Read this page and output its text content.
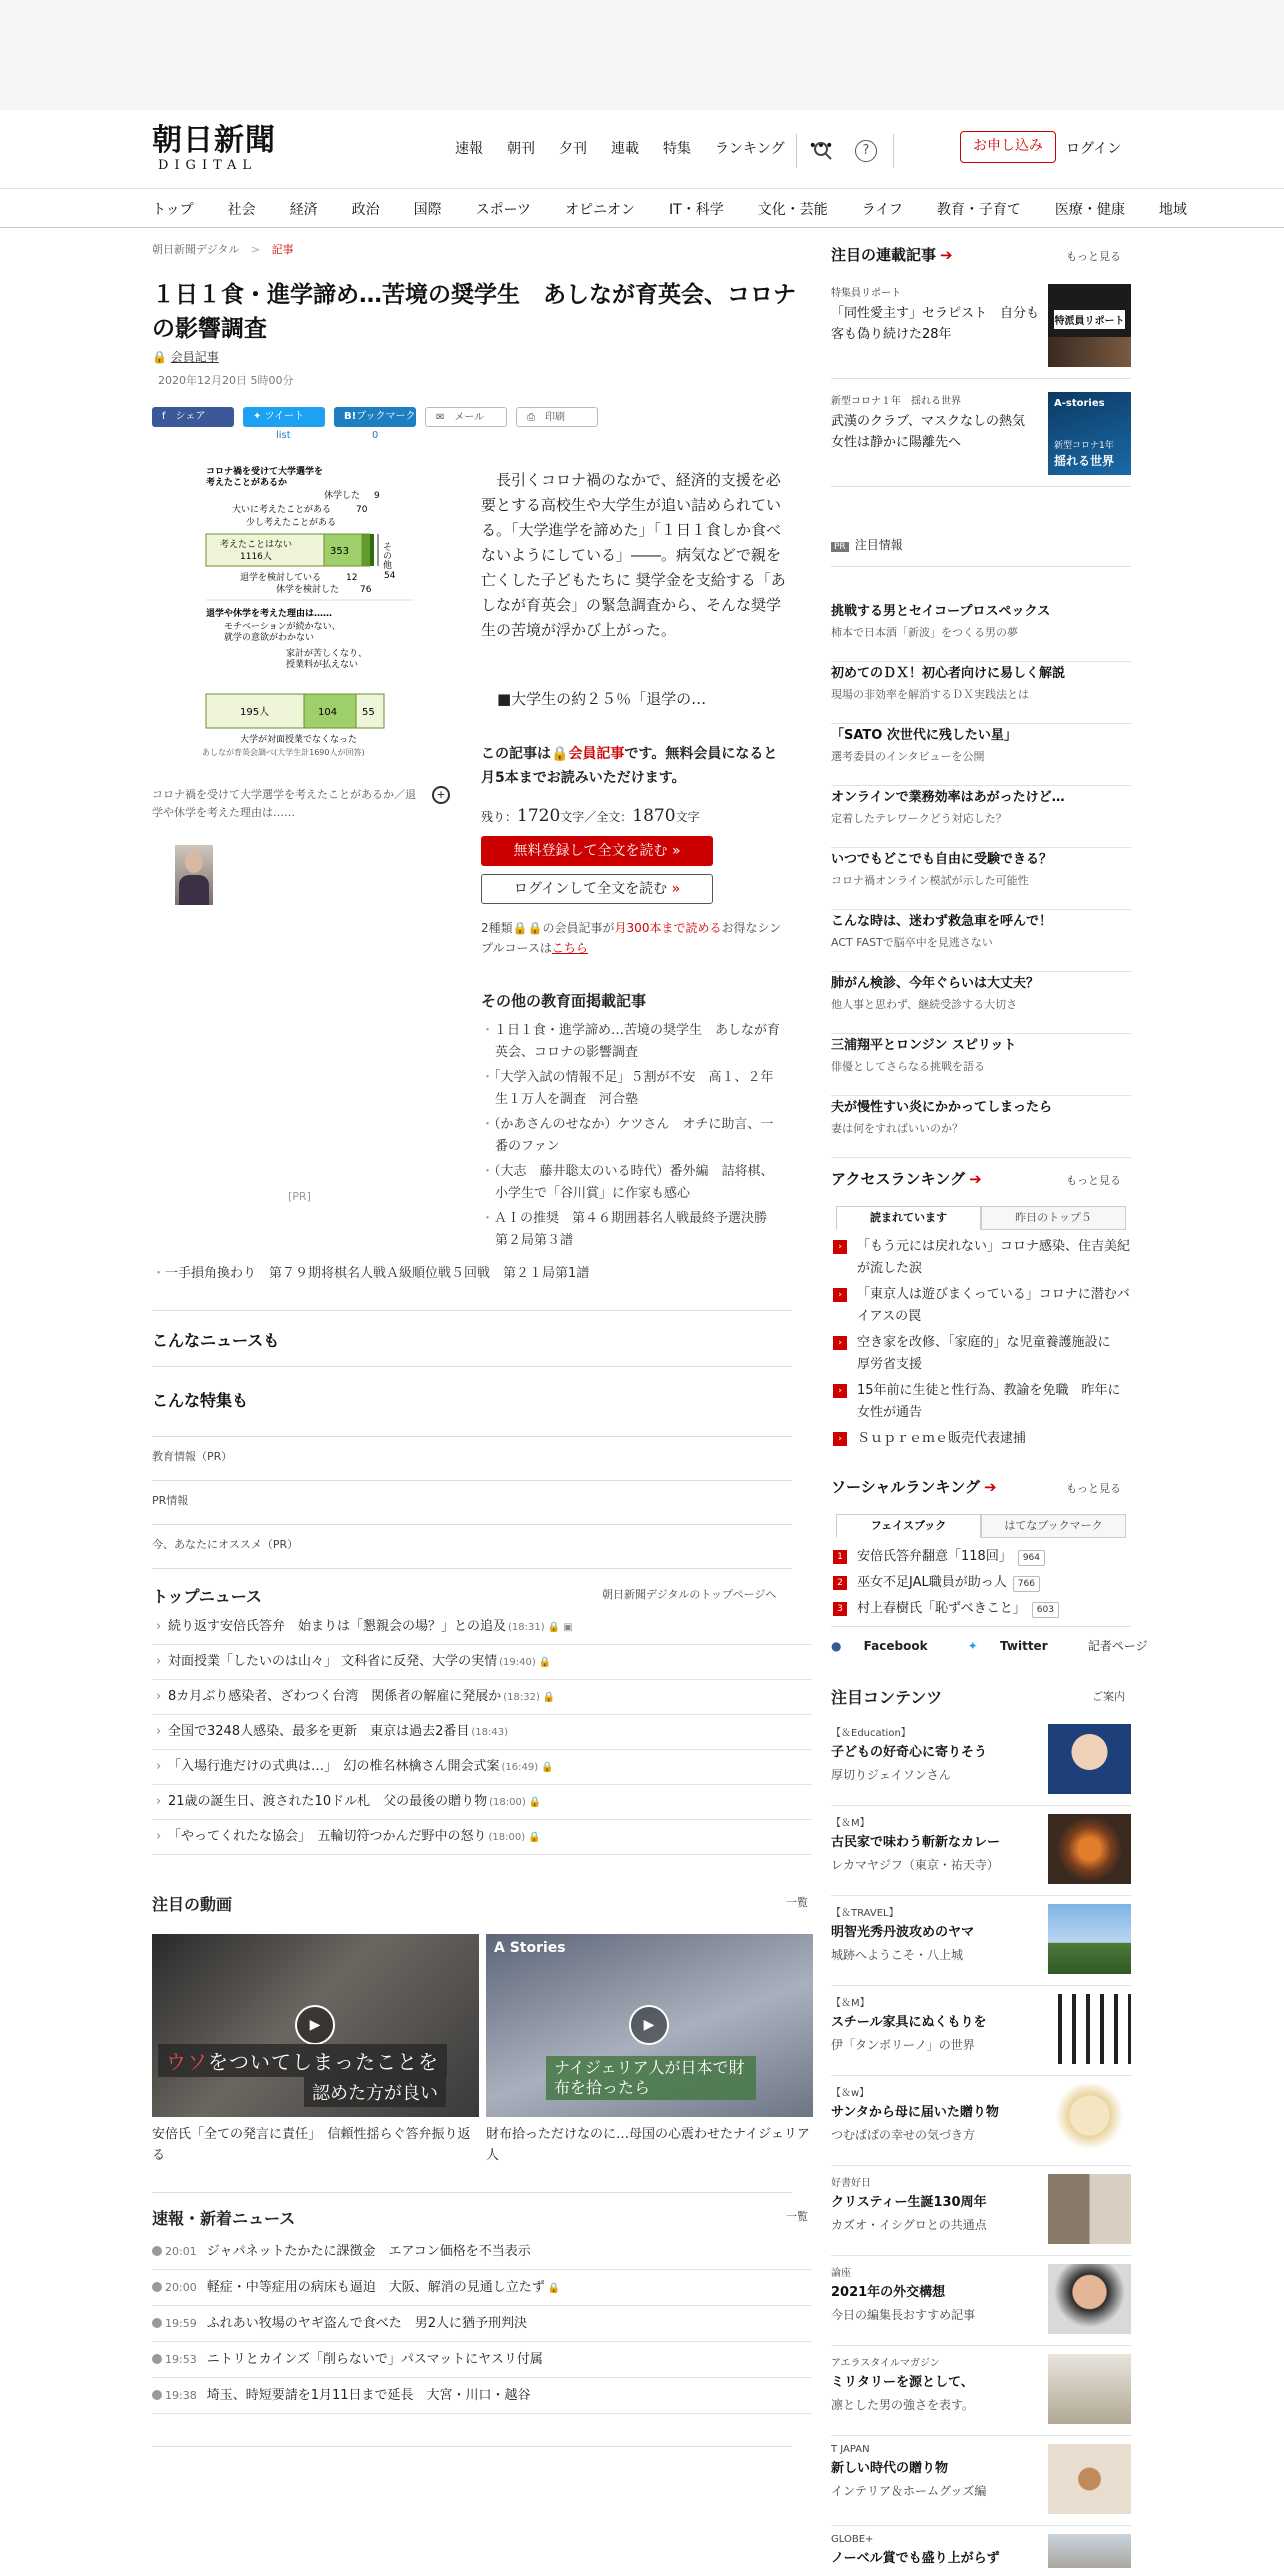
朝日新聞
DIGITAL
速報 朝刊 夕刊 連載 特集 ランキング •••	?	お申し込み	ログイン
トップ 社会 経済 政治 国際 スポーツ オピニオン IT・科学 文化・芸能 ライフ 教育・子育て 医療・健康 地域
朝日新聞デジタル > 記事
１日１食・進学諦め…苦境の奨学生　あしなが育英会、コロナの影響調査
🔒 会員記事
2020年12月20日 5時00分
f　 シェア	✦ ツイート	B!ブックマーク	✉　 メール	⎙　 印刷
list	0
コロナ禍を受けて大学選学を
考えたことがあるか
休学した 9
大いに考えたことがある	70
少し考えたことがある
その他
54
考えたことはない
1116人	353
退学を検討している	12
休学を検討した 76
退学や休学を考えた理由は……
モチベーションが続かない、
就学の意欲がわかない
家計が苦しくなり、
授業料が払えない
195人	104 55
大学が対面授業でなくなった
あしなが育英会調べ(大学生計1690人が回答)
コロナ禍を受けて大学選学を考えたことがあるか／退学や休学を考えた理由は……
+

長引くコロナ禍のなかで、経済的支援を必要とする高校生や大学生が追い詰められている。「大学進学を諦めた」「１日１食しか食べないようにしている」――。病気などで親を亡くした子どもたちに 奨学金を支給する「あしなが育英会」の緊急調査から、そんな奨学生の苦境が浮かび上がった。

■大学生の約２５％「退学の…

この記事は🔒会員記事です。無料会員になると月5本までお読みいただけます。
残り：1720文字／全文：1870文字
無料登録して全文を読む »
ログインして全文を読む »
2種類🔒🔒の会員記事が月300本まで読めるお得なシンプルコースはこちら
その他の教育面掲載記事
・ １日１食・進学諦め…苦境の奨学生　あしなが育英会、コロナの影響調査
・ 「大学入試の情報不足」５割が不安　高１、２年生１万人を調査　河合塾
・ （かあさんのせなか）ケツさん　オチに助言、一番のファン
・ （大志　藤井聡太のいる時代）番外編　詰将棋、小学生で「谷川賞」に作家も感心
・ ＡＩの推奨　第４６期囲碁名人戦最終予選決勝　第２局第３譜
[PR]
・ 一手損角換わり　第７９期将棋名人戦Ａ級順位戦５回戦　第２１局第1譜
こんなニュースも
こんな特集も
教育情報（PR）
PR情報
今、あなたにオススメ（PR）
トップニュース	朝日新聞デジタルのトップページへ
› 続り返す安倍氏答弁　始まりは「懇親会の場？」との追及 (18:31) 🔒 ▣
› 対面授業「したいのは山々」 文科省に反発、大学の実情 (19:40) 🔒
› 8カ月ぶり感染者、ざわつく台湾　関係者の解雇に発展か (18:32) 🔒
› 全国で3248人感染、最多を更新　東京は過去2番目 (18:43)
› 「入場行進だけの式典は…」　幻の椎名林檎さん開会式案 (16:49) 🔒
› 21歳の誕生日、渡された10ドル札　父の最後の贈り物 (18:00) 🔒
› 「やってくれたな協会」　五輪切符つかんだ野中の怒り (18:00) 🔒
注目の動画	一覧
▶
ウソをついてしまったことを
認めた方が良い
A Stories
▶
ナイジェリア人が日本で財布を拾ったら
安倍氏「全ての発言に責任」　信頼性揺らぐ答弁振り返る
財布拾っただけなのに…母国の心震わせたナイジェリア人
速報・新着ニュース	一覧
20:01 ジャパネットたかたに課徴金　エアコン価格を不当表示
20:00 軽症・中等症用の病床も逼迫　大阪、解消の見通し立たず 🔒
19:59 ふれあい牧場のヤギ盗んで食べた　男2人に猶予刑判決
19:53 ニトリとカインズ「削らないで」パスマットにヤスリ付属
19:38 埼玉、時短要請を1月11日まで延長　大宮・川口・越谷
注目の連載記事 ➔	もっと見る
特集員リポート
「同性愛主す」セラピスト　自分も客も偽り続けた28年
特派員リポート
新型コロナ１年　揺れる世界
武漢のクラブ、マスクなしの熱気　女性は静かに陽離先へ
A-stories
新型コロナ1年
揺れる世界
PR 注目情報
挑戦する男とセイコープロスペックス
柿本で日本酒「新波」をつくる男の夢
初めてのＤＸ！初心者向けに易しく解説
現場の非効率を解消するＤＸ実践法とは
「SATO 次世代に残したい星」
選考委員のインタビューを公開
オンラインで業務効率はあがったけど…
定着したテレワークどう対応した？
いつでもどこでも自由に受験できる？
コロナ禍オンライン模試が示した可能性
こんな時は、迷わず救急車を呼んで！
ACT FASTで脳卒中を見逃さない
肺がん検診、今年ぐらいは大丈夫？
他人事と思わず、継続受診する大切さ
三浦翔平とロンジン スピリット
俳優としてさらなる挑戦を語る
夫が慢性すい炎にかかってしまったら
妻は何をすればいいのか？
アクセスランキング ➔	もっと見る
読まれています	昨日のトップ５
›	「もう元には戻れない」コロナ感染、住吉美紀が流した涙
›	「東京人は遊びまくっている」コロナに潜むバイアスの罠
›	空き家を改修、「家庭的」な児童養護施設に　厚労省支援
›	15年前に生徒と性行為、教諭を免職　昨年に女性が通告
›	Ｓｕｐｒｅｍｅ販売代表逮捕
ソーシャルランキング ➔	もっと見る
フェイスブック	はてなブックマーク
1	安倍氏答弁翻意「118回」 964
2	巫女不足JAL職員が助っ人 766
3	村上春樹氏「恥ずべきこと」 603
● Facebook	✦ Twitter	記者ページ
注目コンテンツ	ご案内
【＆Education】
子どもの好奇心に寄りそう
厚切りジェイソンさん
【＆M】
古民家で味わう斬新なカレー
レカマヤジフ（東京・祐天寺）
【＆TRAVEL】
明智光秀丹波攻めのヤマ
城跡へようこそ・八上城
【＆M】
スチール家具にぬくもりを
伊「タンボリーノ」の世界
【＆w】
サンタから母に届いた贈り物
つむぱぱの幸せの気づき方
好書好日
クリスティー生誕130周年
カズオ・イシグロとの共通点
論座
2021年の外交構想
今日の編集長おすすめ記事
アエラスタイルマガジン
ミリタリーを源として、
凛とした男の強さを表す。
T JAPAN
新しい時代の贈り物
インテリア＆ホームグッズ編
GLOBE+
ノーベル賞でも盛り上がらず
